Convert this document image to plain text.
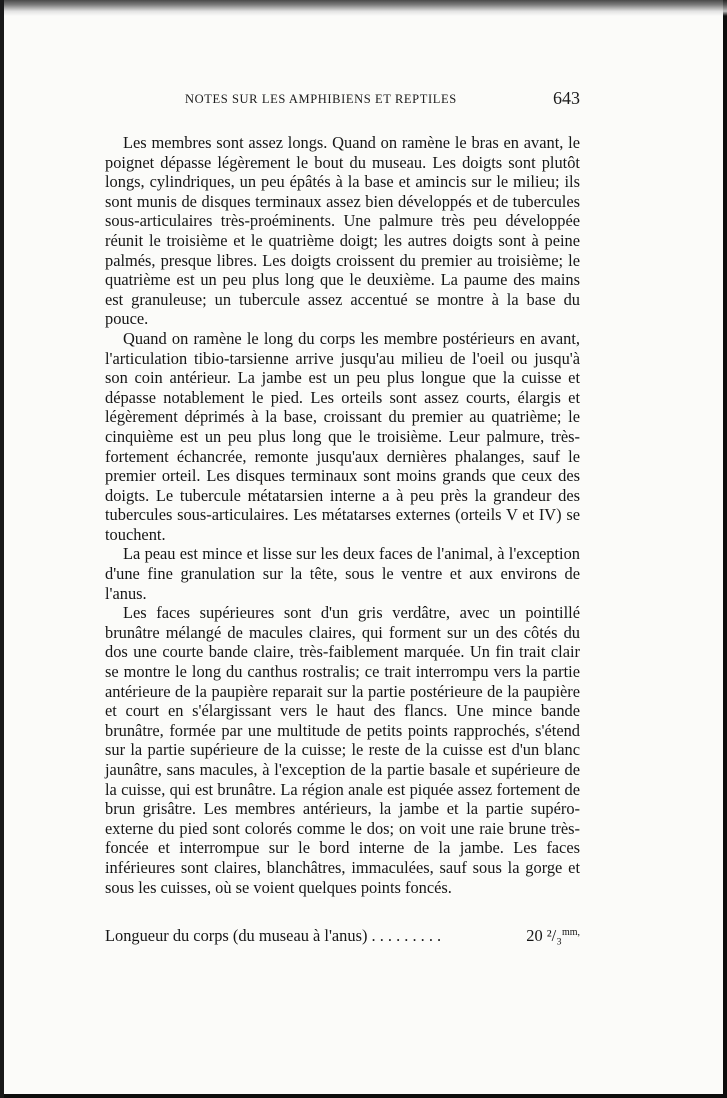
NOTES SUR LES AMPHIBIENS ET REPTILES	643

Les membres sont assez longs. Quand on ramène le bras en avant, le poignet dépasse légèrement le bout du museau. Les doigts sont plutôt longs, cylindriques, un peu épâtés à la base et amincis sur le milieu; ils sont munis de disques terminaux assez bien développés et de tubercules sous-articulaires très-proéminents. Une palmure très peu développée réunit le troisième et le quatrième doigt; les autres doigts sont à peine palmés, presque libres. Les doigts croissent du premier au troisième; le quatrième est un peu plus long que le deuxième. La paume des mains est granuleuse; un tubercule assez accentué se montre à la base du pouce.

Quand on ramène le long du corps les membre postérieurs en avant, l'articulation tibio-tarsienne arrive jusqu'au milieu de l'oeil ou jusqu'à son coin antérieur. La jambe est un peu plus longue que la cuisse et dépasse notablement le pied. Les orteils sont assez courts, élargis et légèrement déprimés à la base, croissant du premier au quatrième; le cinquième est un peu plus long que le troisième. Leur palmure, très-fortement échancrée, remonte jusqu'aux dernières phalanges, sauf le premier orteil. Les disques terminaux sont moins grands que ceux des doigts. Le tubercule métatarsien interne a à peu près la grandeur des tubercules sous-articulaires. Les métatarses externes (orteils V et IV) se touchent.

La peau est mince et lisse sur les deux faces de l'animal, à l'exception d'une fine granulation sur la tête, sous le ventre et aux environs de l'anus.

Les faces supérieures sont d'un gris verdâtre, avec un pointillé brunâtre mélangé de macules claires, qui forment sur un des côtés du dos une courte bande claire, très-faiblement marquée. Un fin trait clair se montre le long du canthus rostralis; ce trait interrompu vers la partie antérieure de la paupière reparait sur la partie postérieure de la paupière et court en s'élargissant vers le haut des flancs. Une mince bande brunâtre, formée par une multitude de petits points rapprochés, s'étend sur la partie supérieure de la cuisse; le reste de la cuisse est d'un blanc jaunâtre, sans macules, à l'exception de la partie basale et supérieure de la cuisse, qui est brunâtre. La région anale est piquée assez fortement de brun grisâtre. Les membres antérieurs, la jambe et la partie supéro-externe du pied sont colorés comme le dos; on voit une raie brune très-foncée et interrompue sur le bord interne de la jambe. Les faces inférieures sont claires, blanchâtres, immaculées, sauf sous la gorge et sous les cuisses, où se voient quelques points foncés.

Longueur du corps (du museau à l'anus) . . . . . . . . .	20 ²/₃$^{mm,}$
